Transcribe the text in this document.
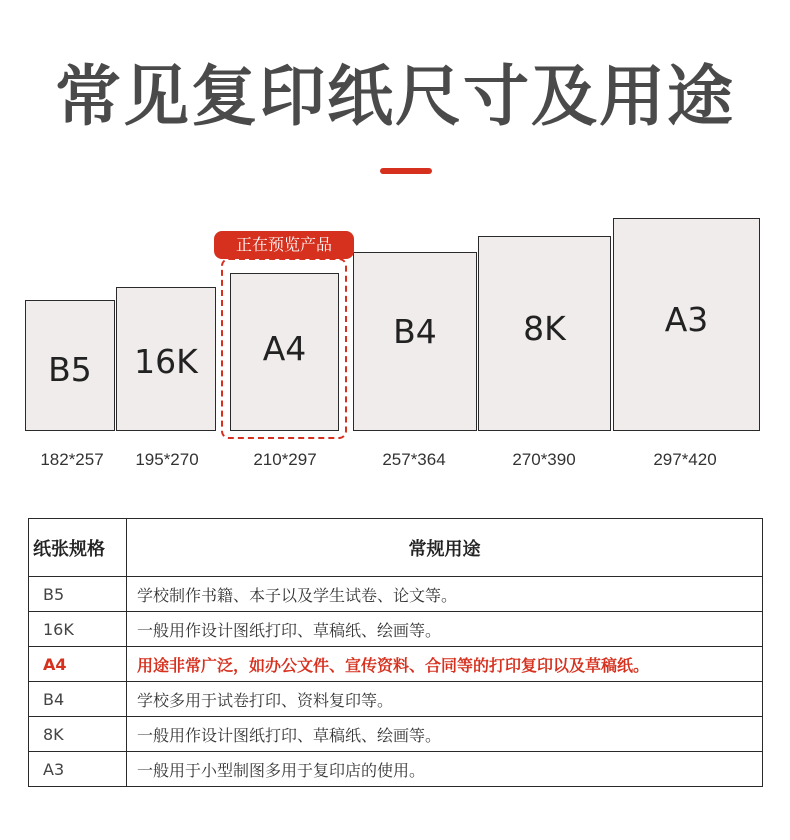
常见复印纸尺寸及用途
B5 16K A4	B4	8K	A3
正在预览产品
182*257	195*270	210*297	257*364	270*390	297*420
纸张规格	常规用途
B5	学校制作书籍、本子以及学生试卷、论文等。
16K	一般用作设计图纸打印、草稿纸、绘画等。
A4	用途非常广泛，如办公文件、宣传资料、合同等的打印复印以及草稿纸。
B4	学校多用于试卷打印、资料复印等。
8K	一般用作设计图纸打印、草稿纸、绘画等。
A3	一般用于小型制图多用于复印店的使用。
